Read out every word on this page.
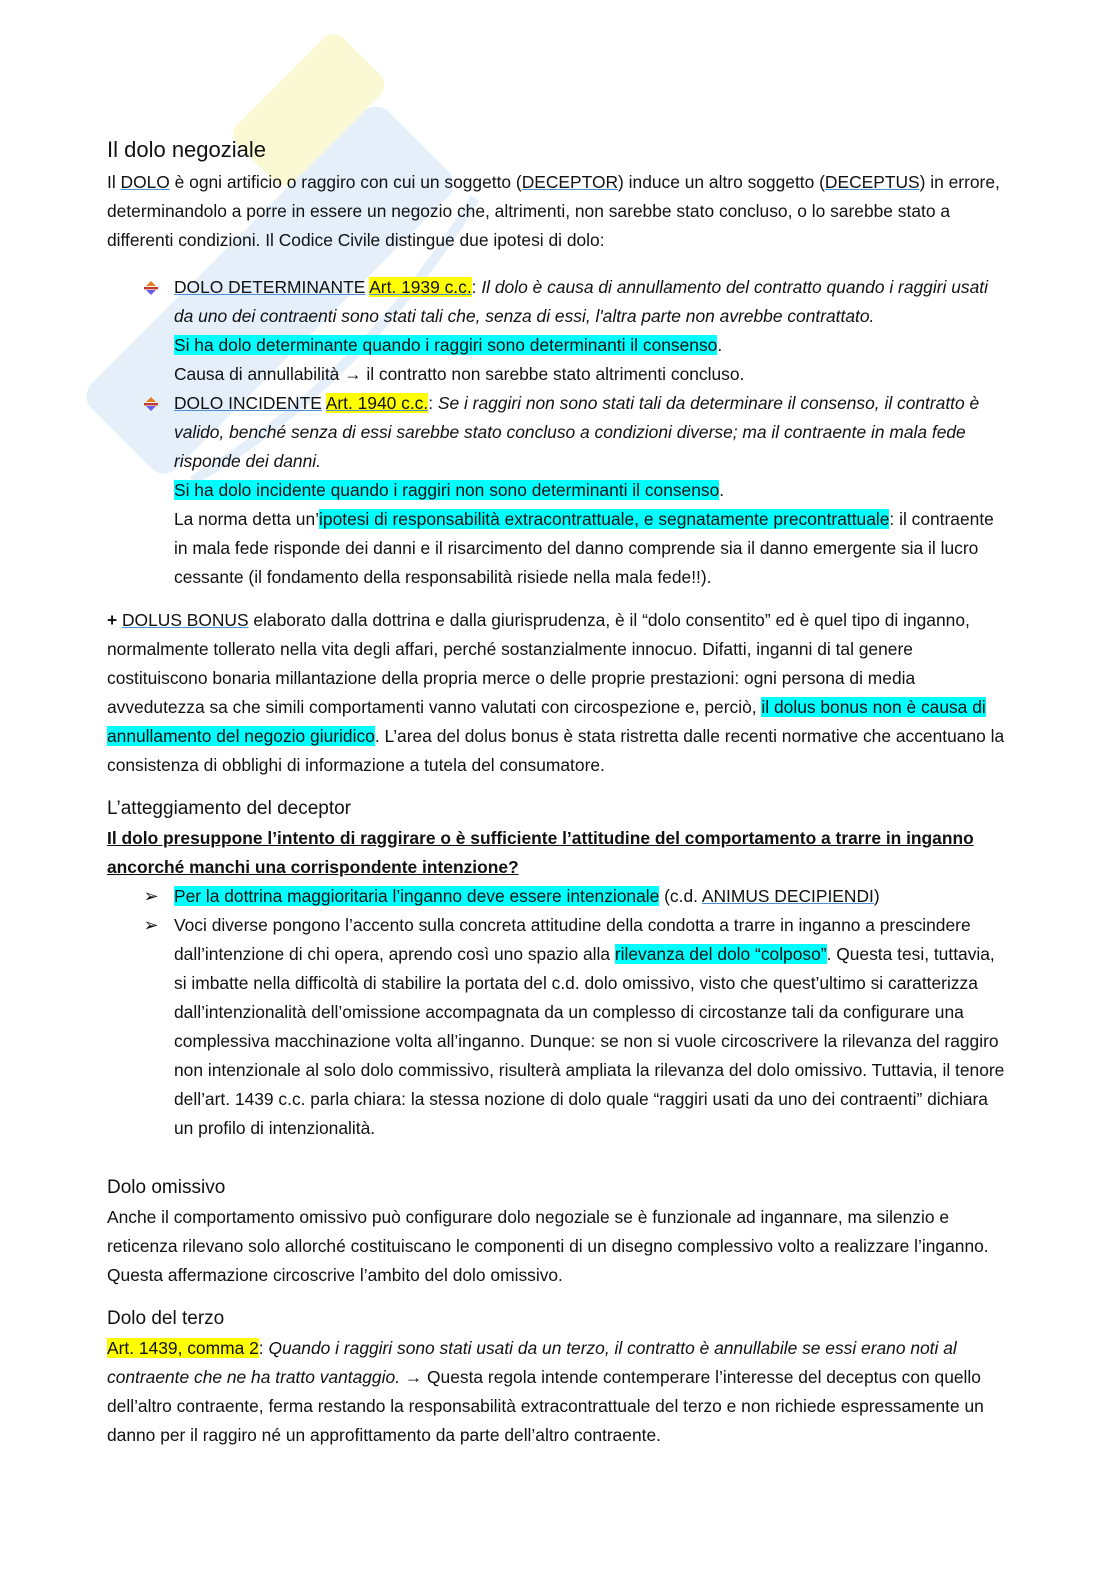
Il dolo negoziale

Il DOLO è ogni artificio o raggiro con cui un soggetto (DECEPTOR) induce un altro soggetto (DECEPTUS) in errore, determinandolo a porre in essere un negozio che, altrimenti, non sarebbe stato concluso, o lo sarebbe stato a differenti condizioni. Il Codice Civile distingue due ipotesi di dolo:

DOLO DETERMINANTE Art. 1939 c.c.: Il dolo è causa di annullamento del contratto quando i raggiri usati da uno dei contraenti sono stati tali che, senza di essi, l'altra parte non avrebbe contrattato.
Si ha dolo determinante quando i raggiri sono determinanti il consenso.
Causa di annullabilità → il contratto non sarebbe stato altrimenti concluso.

DOLO INCIDENTE Art. 1940 c.c.: Se i raggiri non sono stati tali da determinare il consenso, il contratto è valido, benché senza di essi sarebbe stato concluso a condizioni diverse; ma il contraente in mala fede risponde dei danni.
Si ha dolo incidente quando i raggiri non sono determinanti il consenso.
La norma detta un’ipotesi di responsabilità extracontrattuale, e segnatamente precontrattuale: il contraente in mala fede risponde dei danni e il risarcimento del danno comprende sia il danno emergente sia il lucro cessante (il fondamento della responsabilità risiede nella mala fede!!).

+ DOLUS BONUS elaborato dalla dottrina e dalla giurisprudenza, è il “dolo consentito” ed è quel tipo di inganno, normalmente tollerato nella vita degli affari, perché sostanzialmente innocuo. Difatti, inganni di tal genere costituiscono bonaria millantazione della propria merce o delle proprie prestazioni: ogni persona di media avvedutezza sa che simili comportamenti vanno valutati con circospezione e, perciò, il dolus bonus non è causa di annullamento del negozio giuridico. L’area del dolus bonus è stata ristretta dalle recenti normative che accentuano la consistenza di obblighi di informazione a tutela del consumatore.

L’atteggiamento del deceptor

Il dolo presuppone l’intento di raggirare o è sufficiente l’attitudine del comportamento a trarre in inganno ancorché manchi una corrispondente intenzione?

➢ Per la dottrina maggioritaria l’inganno deve essere intenzionale (c.d. ANIMUS DECIPIENDI)

➢ Voci diverse pongono l’accento sulla concreta attitudine della condotta a trarre in inganno a prescindere dall’intenzione di chi opera, aprendo così uno spazio alla rilevanza del dolo “colposo”. Questa tesi, tuttavia, si imbatte nella difficoltà di stabilire la portata del c.d. dolo omissivo, visto che quest’ultimo si caratterizza dall’intenzionalità dell’omissione accompagnata da un complesso di circostanze tali da configurare una complessiva macchinazione volta all’inganno. Dunque: se non si vuole circoscrivere la rilevanza del raggiro non intenzionale al solo dolo commissivo, risulterà ampliata la rilevanza del dolo omissivo. Tuttavia, il tenore dell’art. 1439 c.c. parla chiara: la stessa nozione di dolo quale “raggiri usati da uno dei contraenti” dichiara un profilo di intenzionalità.

Dolo omissivo

Anche il comportamento omissivo può configurare dolo negoziale se è funzionale ad ingannare, ma silenzio e reticenza rilevano solo allorché costituiscano le componenti di un disegno complessivo volto a realizzare l’inganno. Questa affermazione circoscrive l’ambito del dolo omissivo.

Dolo del terzo

Art. 1439, comma 2: Quando i raggiri sono stati usati da un terzo, il contratto è annullabile se essi erano noti al contraente che ne ha tratto vantaggio. → Questa regola intende contemperare l’interesse del deceptus con quello dell’altro contraente, ferma restando la responsabilità extracontrattuale del terzo e non richiede espressamente un danno per il raggiro né un approfittamento da parte dell’altro contraente.
